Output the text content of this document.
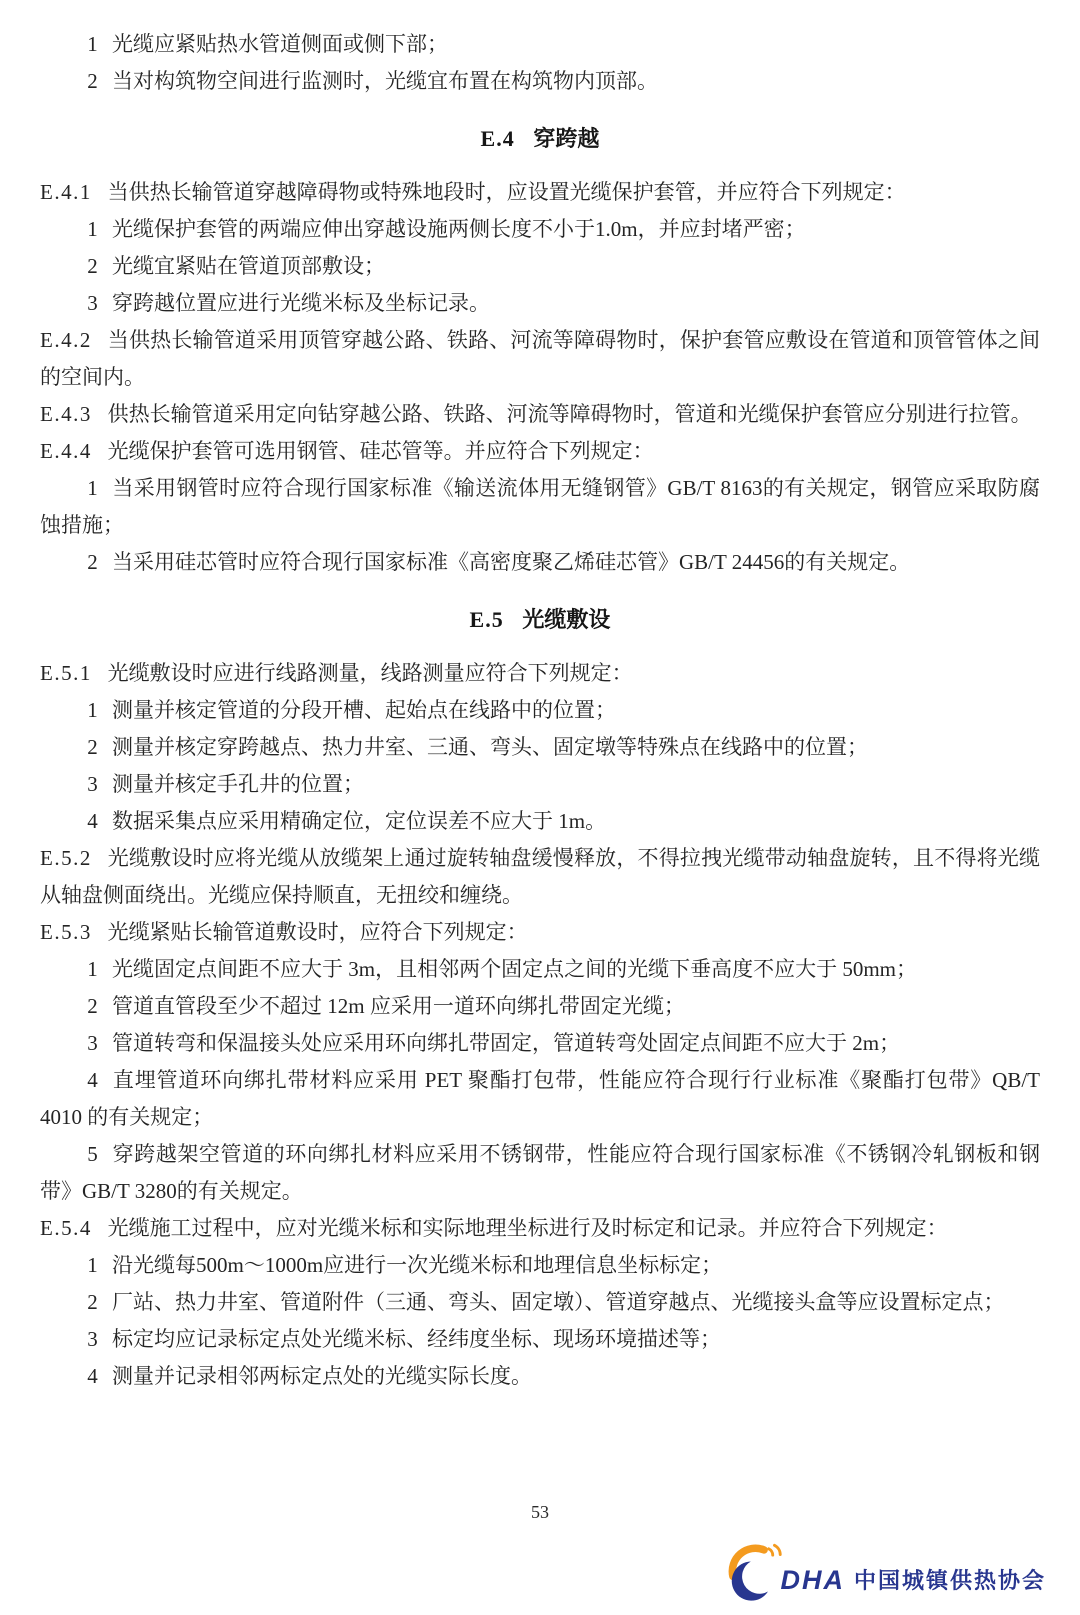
1 光缆应紧贴热水管道侧面或侧下部；

2 当对构筑物空间进行监测时，光缆宜布置在构筑物内顶部。

E.4 穿跨越

E.4.1 当供热长输管道穿越障碍物或特殊地段时，应设置光缆保护套管，并应符合下列规定：

1 光缆保护套管的两端应伸出穿越设施两侧长度不小于1.0m，并应封堵严密；

2 光缆宜紧贴在管道顶部敷设；

3 穿跨越位置应进行光缆米标及坐标记录。

E.4.2 当供热长输管道采用顶管穿越公路、铁路、河流等障碍物时，保护套管应敷设在管道和顶管管体之间的空间内。

E.4.3 供热长输管道采用定向钻穿越公路、铁路、河流等障碍物时，管道和光缆保护套管应分别进行拉管。

E.4.4 光缆保护套管可选用钢管、硅芯管等。并应符合下列规定：

1 当采用钢管时应符合现行国家标准《输送流体用无缝钢管》GB/T 8163的有关规定，钢管应采取防腐蚀措施；

2 当采用硅芯管时应符合现行国家标准《高密度聚乙烯硅芯管》GB/T 24456的有关规定。

E.5 光缆敷设

E.5.1 光缆敷设时应进行线路测量，线路测量应符合下列规定：

1 测量并核定管道的分段开槽、起始点在线路中的位置；

2 测量并核定穿跨越点、热力井室、三通、弯头、固定墩等特殊点在线路中的位置；

3 测量并核定手孔井的位置；

4 数据采集点应采用精确定位，定位误差不应大于 1m。

E.5.2 光缆敷设时应将光缆从放缆架上通过旋转轴盘缓慢释放，不得拉拽光缆带动轴盘旋转，且不得将光缆从轴盘侧面绕出。光缆应保持顺直，无扭绞和缠绕。

E.5.3 光缆紧贴长输管道敷设时，应符合下列规定：

1 光缆固定点间距不应大于 3m，且相邻两个固定点之间的光缆下垂高度不应大于 50mm；

2 管道直管段至少不超过 12m 应采用一道环向绑扎带固定光缆；

3 管道转弯和保温接头处应采用环向绑扎带固定，管道转弯处固定点间距不应大于 2m；

4 直埋管道环向绑扎带材料应采用 PET 聚酯打包带，性能应符合现行行业标准《聚酯打包带》QB/T 4010 的有关规定；

5 穿跨越架空管道的环向绑扎材料应采用不锈钢带，性能应符合现行国家标准《不锈钢冷轧钢板和钢带》GB/T 3280的有关规定。

E.5.4 光缆施工过程中，应对光缆米标和实际地理坐标进行及时标定和记录。并应符合下列规定：

1 沿光缆每500m～1000m应进行一次光缆米标和地理信息坐标标定；

2 厂站、热力井室、管道附件（三通、弯头、固定墩）、管道穿越点、光缆接头盒等应设置标定点；

3 标定均应记录标定点处光缆米标、经纬度坐标、现场环境描述等；

4 测量并记录相邻两标定点处的光缆实际长度。

53
DHA 中国城镇供热协会
